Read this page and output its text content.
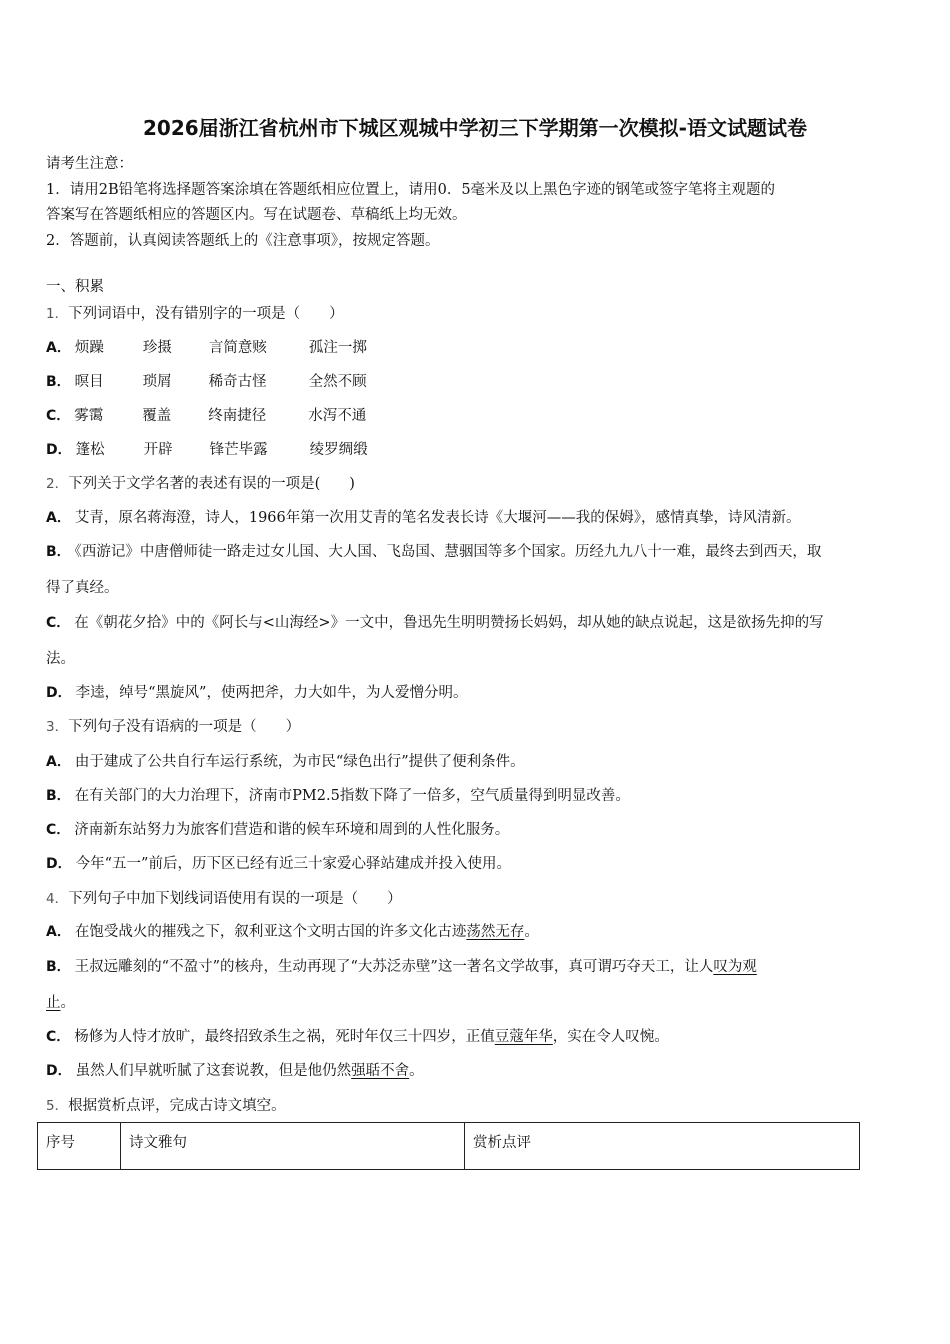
2026届浙江省杭州市下城区观城中学初三下学期第一次模拟-语文试题试卷
请考生注意：
1．请用2B铅笔将选择题答案涂填在答题纸相应位置上，请用0．5毫米及以上黑色字迹的钢笔或签字笔将主观题的
答案写在答题纸相应的答题区内。写在试题卷、草稿纸上均无效。
2．答题前，认真阅读答题纸上的《注意事项》，按规定答题。
一、积累
1．下列词语中，没有错别字的一项是（　　）
A． 烦躁	珍摄	言简意赅	孤注一掷
B． 暝目	琐屑	稀奇古怪	全然不顾
C． 雾霭	覆盖	终南捷径	水泻不通
D． 篷松	开辟	锋芒毕露	绫罗绸缎
2．下列关于文学名著的表述有误的一项是(　　)
A． 艾青，原名蒋海澄，诗人，1966年第一次用艾青的笔名发表长诗《大堰河——我的保姆》，感情真挚，诗风清新。
B． 《西游记》中唐僧师徒一路走过女儿国、大人国、飞岛国、慧骃国等多个国家。历经九九八十一难，最终去到西天，取
得了真经。
C． 在《朝花夕拾》中的《阿长与<山海经>》一文中，鲁迅先生明明赞扬长妈妈，却从她的缺点说起，这是欲扬先抑的写
法。
D． 李逵，绰号“黑旋风”，使两把斧，力大如牛，为人爱憎分明。
3．下列句子没有语病的一项是（　　）
A． 由于建成了公共自行车运行系统，为市民“绿色出行”提供了便利条件。
B． 在有关部门的大力治理下，济南市PM2.5指数下降了一倍多，空气质量得到明显改善。
C． 济南新东站努力为旅客们营造和谐的候车环境和周到的人性化服务。
D． 今年“五一”前后，历下区已经有近三十家爱心驿站建成并投入使用。
4．下列句子中加下划线词语使用有误的一项是（　　）
A． 在饱受战火的摧残之下，叙利亚这个文明古国的许多文化古迹荡然无存。
B． 王叔远雕刻的“不盈寸”的核舟，生动再现了“大苏泛赤壁”这一著名文学故事，真可谓巧夺天工，让人叹为观
止。
C． 杨修为人恃才放旷，最终招致杀生之祸，死时年仅三十四岁，正值豆蔻年华，实在令人叹惋。
D． 虽然人们早就听腻了这套说教，但是他仍然强聒不舍。
5．根据赏析点评，完成古诗文填空。
序号	诗文雅句	赏析点评
